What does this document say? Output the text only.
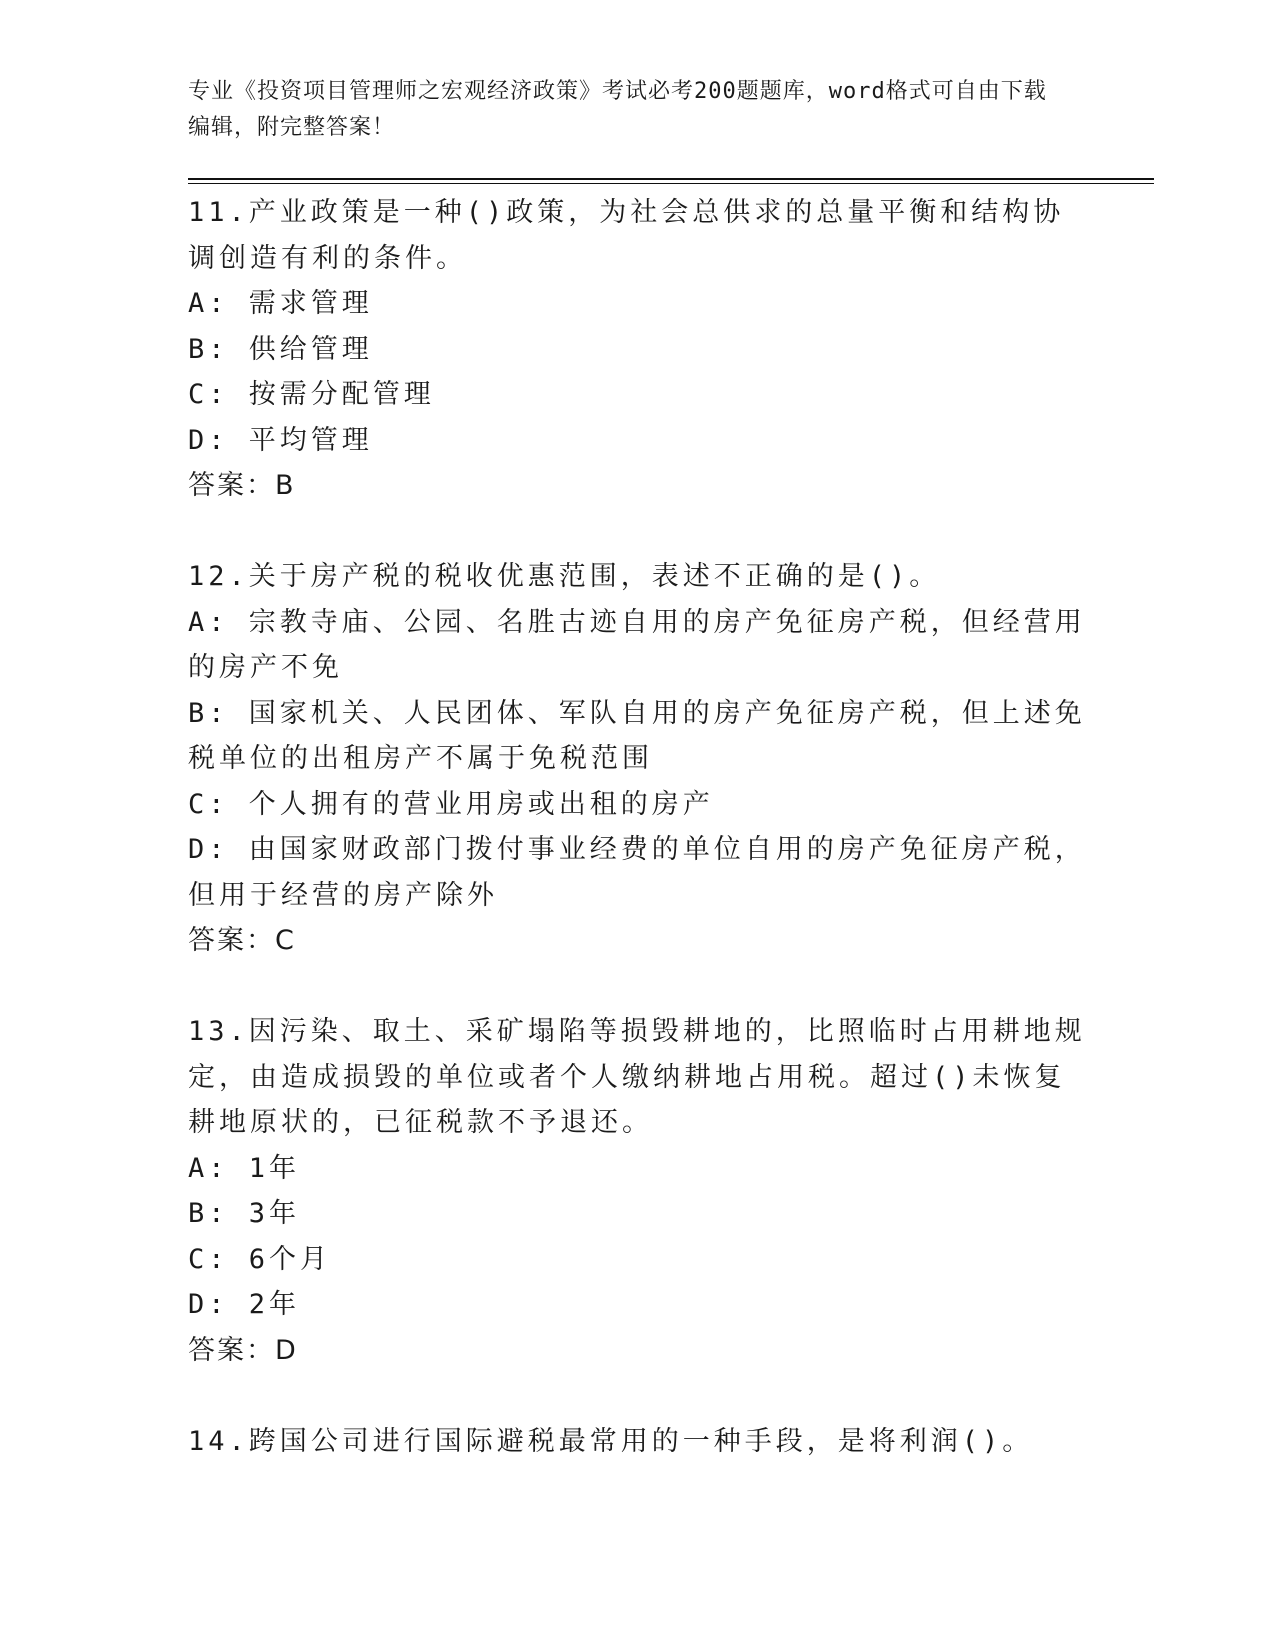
专业《投资项目管理师之宏观经济政策》考试必考200题题库，word格式可自由下载编辑，附完整答案！

11.产业政策是一种()政策，为社会总供求的总量平衡和结构协调创造有利的条件。

A: 需求管理

B: 供给管理

C: 按需分配管理

D: 平均管理

答案：B

12.关于房产税的税收优惠范围，表述不正确的是()。

A: 宗教寺庙、公园、名胜古迹自用的房产免征房产税，但经营用的房产不免

B: 国家机关、人民团体、军队自用的房产免征房产税，但上述免税单位的出租房产不属于免税范围

C: 个人拥有的营业用房或出租的房产

D: 由国家财政部门拨付事业经费的单位自用的房产免征房产税，但用于经营的房产除外

答案：C

13.因污染、取土、采矿塌陷等损毁耕地的，比照临时占用耕地规定，由造成损毁的单位或者个人缴纳耕地占用税。超过()未恢复耕地原状的，已征税款不予退还。

A: 1年

B: 3年

C: 6个月

D: 2年

答案：D

14.跨国公司进行国际避税最常用的一种手段，是将利润()。
